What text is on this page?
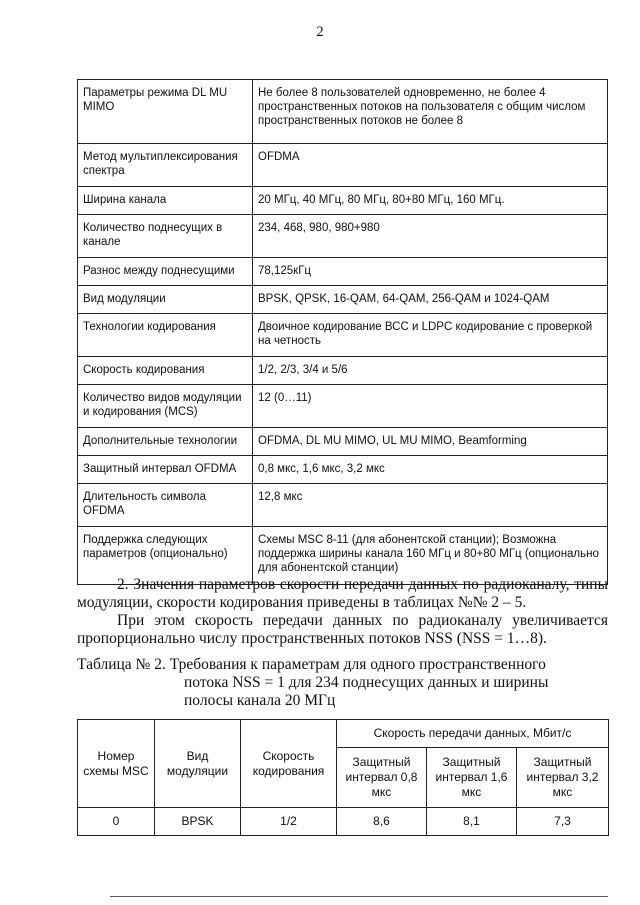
2
Параметры режима DL MU MIMO	Не более 8 пользователей одновременно, не более 4 пространственных потоков на пользователя с общим числом пространственных потоков не более 8
Метод мультиплексирования спектра	OFDMA
Ширина канала	20 МГц, 40 МГц, 80 МГц, 80+80 МГц, 160 МГц.
Количество поднесущих в канале	234, 468, 980, 980+980
Разнос между поднесущими	78,125кГц
Вид модуляции	BPSK, QPSK, 16-QAM, 64-QAM, 256-QAM и 1024-QAM
Технологии кодирования	Двоичное кодирование ВСС и LDPC кодирование с проверкой на четность
Скорость кодирования	1/2, 2/3, 3/4 и 5/6
Количество видов модуляции и кодирования (MCS)	12 (0…11)
Дополнительные технологии	OFDMA, DL MU MIMO, UL MU MIMO, Beamforming
Защитный интервал OFDMA	0,8 мкс, 1,6 мкс, 3,2 мкс
Длительность символа OFDMA	12,8 мкс
Поддержка следующих параметров (опционально)	Схемы MSC 8-11 (для абонентской станции); Возможна поддержка ширины канала 160 МГц и 80+80 МГц (опционально для абонентской станции)
2. Значения параметров скорости передачи данных по радиоканалу, типы модуляции, скорости кодирования приведены в таблицах №№ 2 – 5.
При этом скорость передачи данных по радиоканалу увеличивается пропорционально числу пространственных потоков NSS (NSS = 1…8).
Таблица № 2. Требования к параметрам для одного пространственного
потока NSS = 1 для 234 поднесущих данных и ширины
полосы канала 20 МГц
Номер схемы MSC	Вид модуляции	Скорость кодирования	Скорость передачи данных, Мбит/с		
			Защитный интервал 0,8 мкс	Защитный интервал 1,6 мкс	Защитный интервал 3,2 мкс
0	BPSK	1/2	8,6	8,1	7,3
